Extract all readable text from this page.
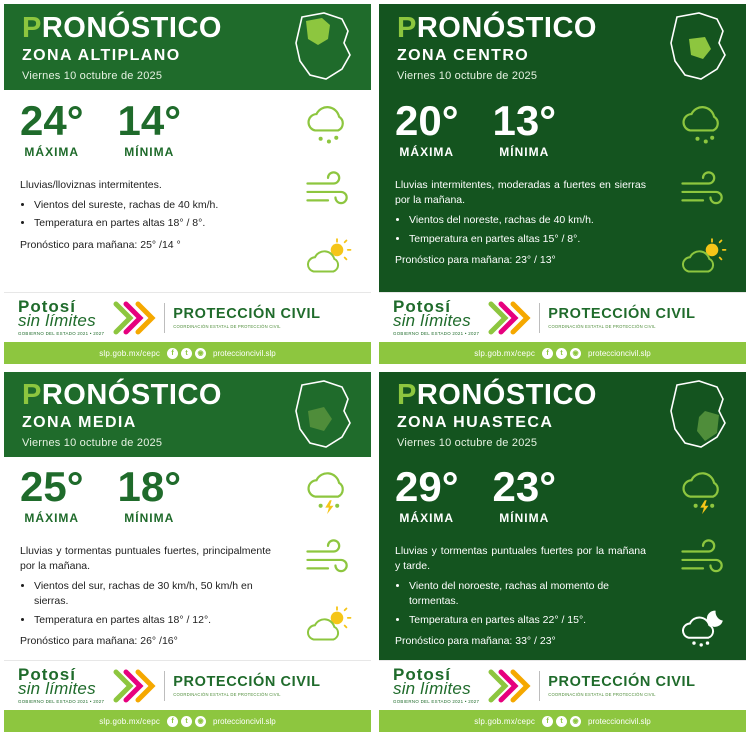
PRONÓSTICO
ZONA ALTIPLANO
Viernes 10 octubre de 2025
24°
MÁXIMA
14°
MÍNIMA

Lluvias/lloviznas intermitentes.

• Vientos del sureste, rachas de 40 km/h.
• Temperatura en partes altas 18° / 8°.

Pronóstico para mañana: 25° /14 °

Potosí
sin límites
GOBIERNO DEL ESTADO 2021 • 2027
PROTECCIÓN CIVIL
COORDINACIÓN ESTATAL DE PROTECCIÓN CIVIL
slp.gob.mx/cepc	f	t	◉	proteccioncivil.slp
PRONÓSTICO
ZONA CENTRO
Viernes 10 octubre de 2025
20°
MÁXIMA
13°
MÍNIMA

Lluvias intermitentes, moderadas a fuertes en sierras por la mañana.

• Vientos del noreste, rachas de 40 km/h.
• Temperatura en partes altas 15° / 8°.

Pronóstico para mañana: 23° / 13°

Potosí
sin límites
GOBIERNO DEL ESTADO 2021 • 2027
PROTECCIÓN CIVIL
COORDINACIÓN ESTATAL DE PROTECCIÓN CIVIL
slp.gob.mx/cepc	f	t	◉	proteccioncivil.slp
PRONÓSTICO
ZONA MEDIA
Viernes 10 octubre de 2025
25°
MÁXIMA
18°
MÍNIMA

Lluvias y tormentas puntuales fuertes, principalmente por la mañana.

• Vientos del sur, rachas de 30 km/h, 50 km/h en sierras.
• Temperatura en partes altas 18° / 12°.

Pronóstico para mañana: 26° /16°

Potosí
sin límites
GOBIERNO DEL ESTADO 2021 • 2027
PROTECCIÓN CIVIL
COORDINACIÓN ESTATAL DE PROTECCIÓN CIVIL
slp.gob.mx/cepc	f	t	◉	proteccioncivil.slp
PRONÓSTICO
ZONA HUASTECA
Viernes 10 octubre de 2025
29°
MÁXIMA
23°
MÍNIMA

Lluvias y tormentas puntuales fuertes por la mañana y tarde.

• Viento del noroeste, rachas al momento de tormentas.
• Temperatura en partes altas 22° / 15°.

Pronóstico para mañana: 33° / 23°

Potosí
sin límites
GOBIERNO DEL ESTADO 2021 • 2027
PROTECCIÓN CIVIL
COORDINACIÓN ESTATAL DE PROTECCIÓN CIVIL
slp.gob.mx/cepc	f	t	◉	proteccioncivil.slp
